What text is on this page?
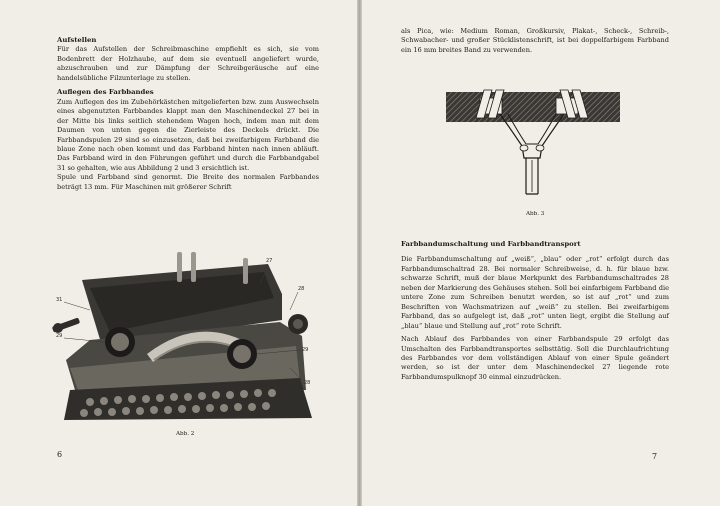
Aufstellen

Für das Aufstellen der Schreibmaschine empfiehlt es sich, sie vom Bodenbrett der Holzhaube, auf dem sie eventuell angeliefert wurde, abzuschrauben und zur Dämpfung der Schreibgeräusche auf eine handelsübliche Filzunterlage zu stellen.

Auflegen des Farbbandes

Zum Auflegen des im Zubehörkästchen mitgelieferten bzw. zum Auswechseln eines abgenutzten Farbbandes klappt man den Maschinendeckel 27 bei in der Mitte bis links seitlich stehendem Wagen hoch, indem man mit dem Daumen von unten gegen die Zierleiste des Deckels drückt. Die Farbbandspulen 29 sind so einzusetzen, daß bei zweifarbigem Farbband die blaue Zone nach oben kommt und das Farbband hinten nach innen abläuft. Das Farbband wird in den Führungen geführt und durch die Farbbandgabel 31 so gehalten, wie aus Abbildung 2 und 3 ersichtlich ist.

Spule und Farbband sind genormt. Die Breite des normalen Farbbandes beträgt 13 mm. Für Maschinen mit größerer Schrift

31
27
29
29
28
28
Abb. 2
6

als Pica, wie: Medium Roman, Großkursiv, Plakat-, Scheck-, Schreib-, Schwabacher- und großer Stücklistenschrift, ist bei doppelfarbigem Farbband ein 16 mm breites Band zu verwenden.

Abb. 3

Farbbandumschaltung und Farbbandtransport

Die Farbbandumschaltung auf „weiß“, „blau“ oder „rot“ erfolgt durch das Farbbandumschaltrad 28. Bei normaler Schreibweise, d. h. für blaue bzw. schwarze Schrift, muß der blaue Merkpunkt des Farbbandumschaltrades 28 neben der Markierung des Gehäuses stehen. Soll bei einfarbigem Farbband die untere Zone zum Schreiben benutzt werden, so ist auf „rot“ und zum Beschriften von Wachsmatrizen auf „weiß“ zu stellen. Bei zweifarbigem Farbband, das so aufgelegt ist, daß „rot“ unten liegt, ergibt die Stellung auf „blau“ blaue und Stellung auf „rot“ rote Schrift.

Nach Ablauf des Farbbandes von einer Farbbandspule 29 erfolgt das Umschalten des Farbbandtransportes selbsttätig. Soll die Durchlaufrichtung des Farbbandes vor dem vollständigen Ablauf von einer Spule geändert werden, so ist der unter dem Maschinendeckel 27 liegende rote Farbbandumspulknopf 30 einmal einzudrücken.

7
